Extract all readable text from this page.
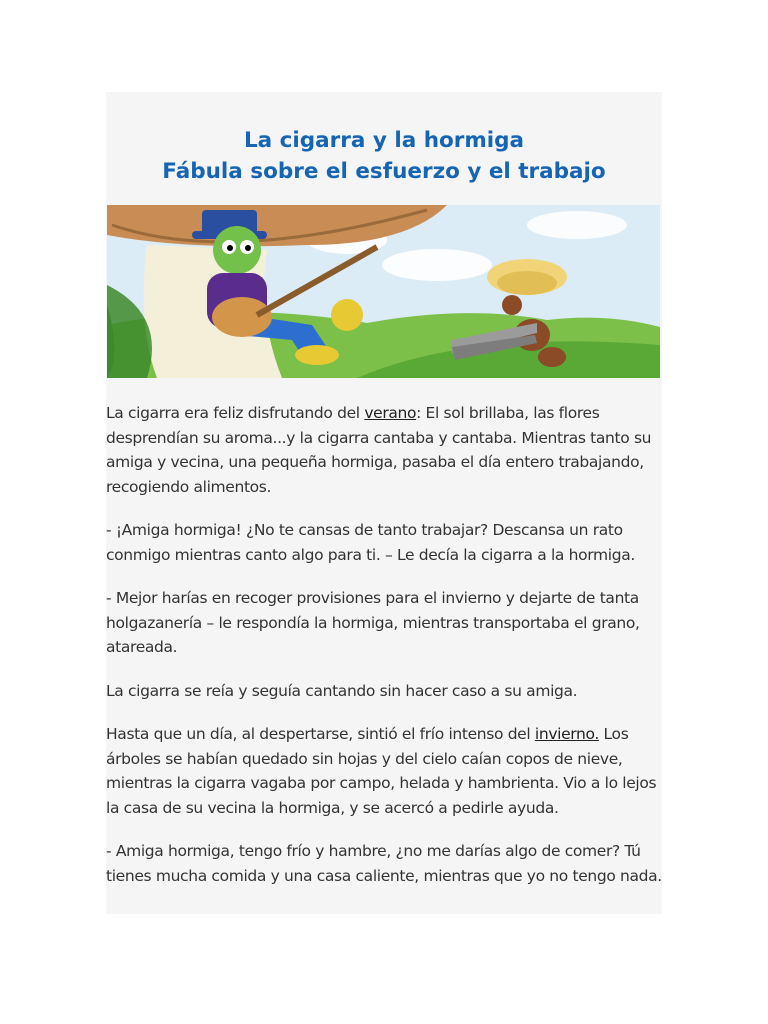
La cigarra y la hormiga
Fábula sobre el esfuerzo y el trabajo

La cigarra era feliz disfrutando del verano: El sol brillaba, las flores desprendían su aroma...y la cigarra cantaba y cantaba. Mientras tanto su amiga y vecina, una pequeña hormiga, pasaba el día entero trabajando, recogiendo alimentos.

- ¡Amiga hormiga! ¿No te cansas de tanto trabajar? Descansa un rato conmigo mientras canto algo para ti. – Le decía la cigarra a la hormiga.

- Mejor harías en recoger provisiones para el invierno y dejarte de tanta holgazanería – le respondía la hormiga, mientras transportaba el grano, atareada.

La cigarra se reía y seguía cantando sin hacer caso a su amiga.

Hasta que un día, al despertarse, sintió el frío intenso del invierno. Los árboles se habían quedado sin hojas y del cielo caían copos de nieve, mientras la cigarra vagaba por campo, helada y hambrienta. Vio a lo lejos la casa de su vecina la hormiga, y se acercó a pedirle ayuda.

- Amiga hormiga, tengo frío y hambre, ¿no me darías algo de comer? Tú tienes mucha comida y una casa caliente, mientras que yo no tengo nada.
